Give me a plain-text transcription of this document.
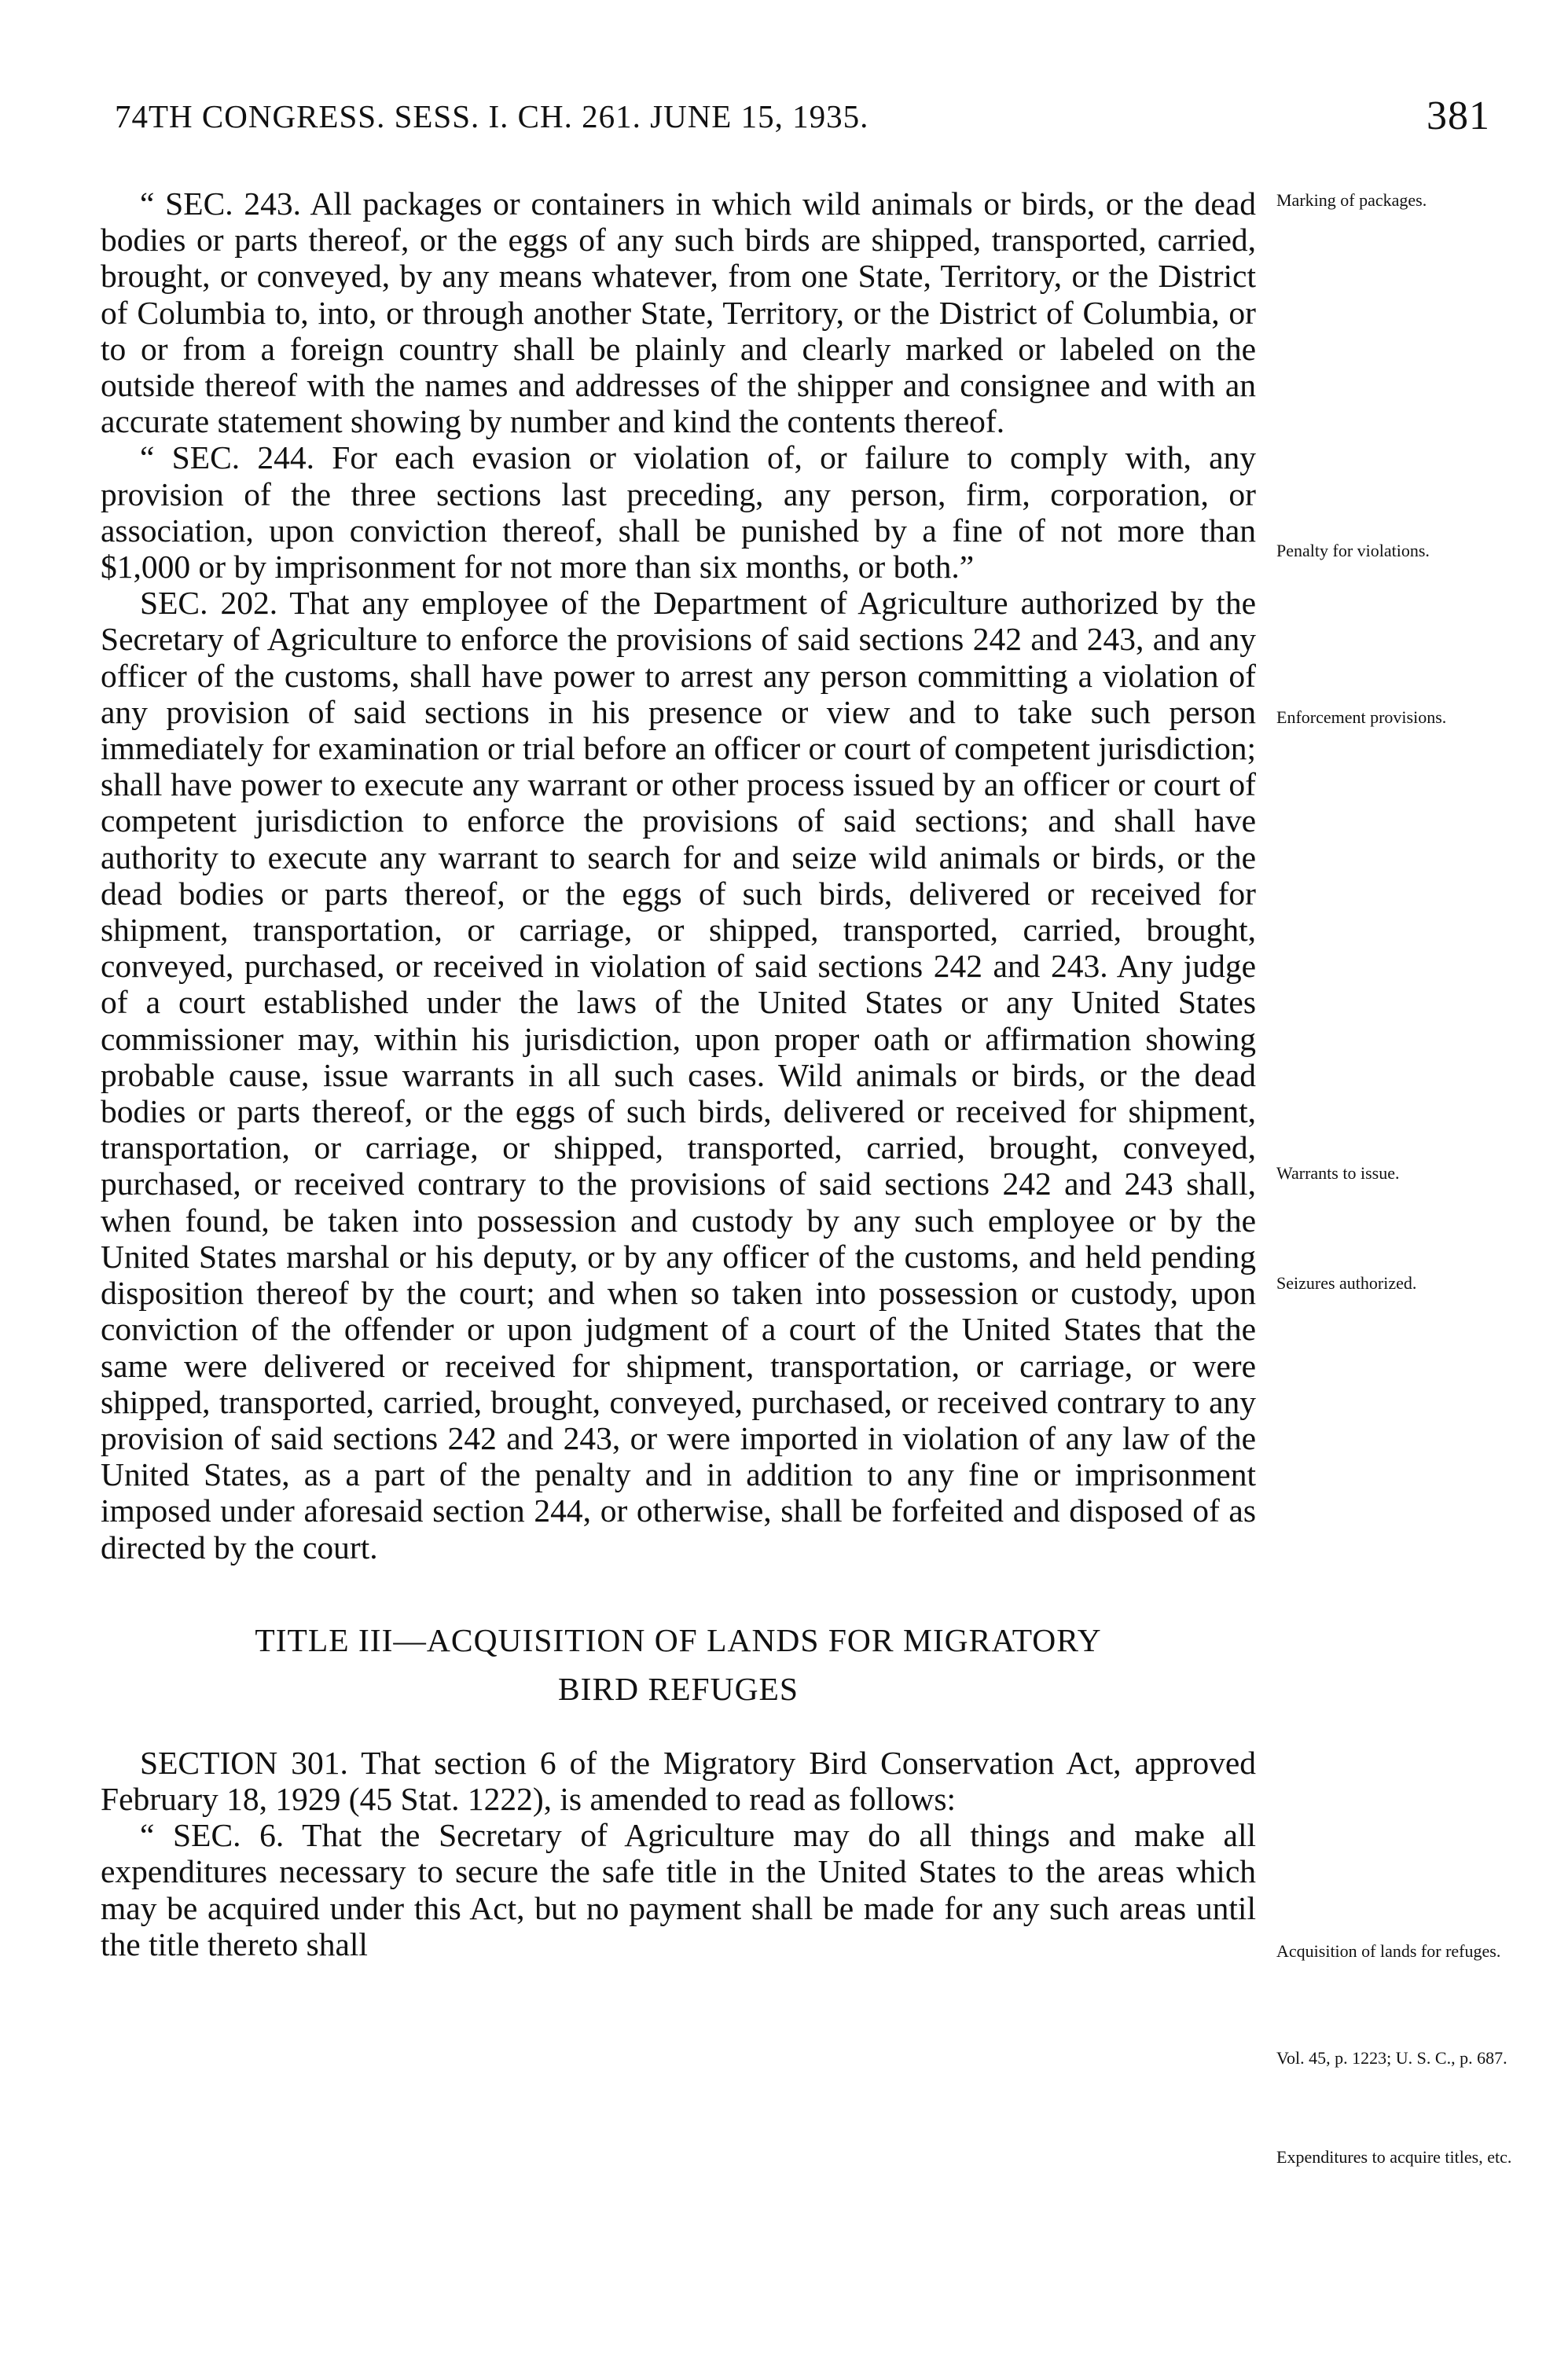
74TH CONGRESS. SESS. I. CH. 261. JUNE 15, 1935.	381

“ SEC. 243. All packages or containers in which wild animals or birds, or the dead bodies or parts thereof, or the eggs of any such birds are shipped, transported, carried, brought, or conveyed, by any means whatever, from one State, Territory, or the District of Columbia to, into, or through another State, Territory, or the District of Columbia, or to or from a foreign country shall be plainly and clearly marked or labeled on the outside thereof with the names and addresses of the shipper and consignee and with an accurate statement showing by number and kind the contents thereof.

“ SEC. 244. For each evasion or violation of, or failure to comply with, any provision of the three sections last preceding, any person, firm, corporation, or association, upon conviction thereof, shall be punished by a fine of not more than $1,000 or by imprisonment for not more than six months, or both.”

SEC. 202. That any employee of the Department of Agriculture authorized by the Secretary of Agriculture to enforce the provisions of said sections 242 and 243, and any officer of the customs, shall have power to arrest any person committing a violation of any provision of said sections in his presence or view and to take such person immediately for examination or trial before an officer or court of competent jurisdiction; shall have power to execute any warrant or other process issued by an officer or court of competent jurisdiction to enforce the provisions of said sections; and shall have authority to execute any warrant to search for and seize wild animals or birds, or the dead bodies or parts thereof, or the eggs of such birds, delivered or received for shipment, transportation, or carriage, or shipped, transported, carried, brought, conveyed, purchased, or received in violation of said sections 242 and 243. Any judge of a court established under the laws of the United States or any United States commissioner may, within his jurisdiction, upon proper oath or affirmation showing probable cause, issue warrants in all such cases. Wild animals or birds, or the dead bodies or parts thereof, or the eggs of such birds, delivered or received for shipment, transportation, or carriage, or shipped, transported, carried, brought, conveyed, purchased, or received contrary to the provisions of said sections 242 and 243 shall, when found, be taken into possession and custody by any such employee or by the United States marshal or his deputy, or by any officer of the customs, and held pending disposition thereof by the court; and when so taken into possession or custody, upon conviction of the offender or upon judgment of a court of the United States that the same were delivered or received for shipment, transportation, or carriage, or were shipped, transported, carried, brought, conveyed, purchased, or received contrary to any provision of said sections 242 and 243, or were imported in violation of any law of the United States, as a part of the penalty and in addition to any fine or imprisonment imposed under aforesaid section 244, or otherwise, shall be forfeited and disposed of as directed by the court.

TITLE III—ACQUISITION OF LANDS FOR MIGRATORY
BIRD REFUGES

SECTION 301. That section 6 of the Migratory Bird Conservation Act, approved February 18, 1929 (45 Stat. 1222), is amended to read as follows:

“ SEC. 6. That the Secretary of Agriculture may do all things and make all expenditures necessary to secure the safe title in the United States to the areas which may be acquired under this Act, but no payment shall be made for any such areas until the title thereto shall

Marking of packages.
Penalty for violations.
Enforcement provisions.
Warrants to issue.
Seizures authorized.
Acquisition of lands for refuges.
Vol. 45, p. 1223; U. S. C., p. 687.
Expenditures to acquire titles, etc.
